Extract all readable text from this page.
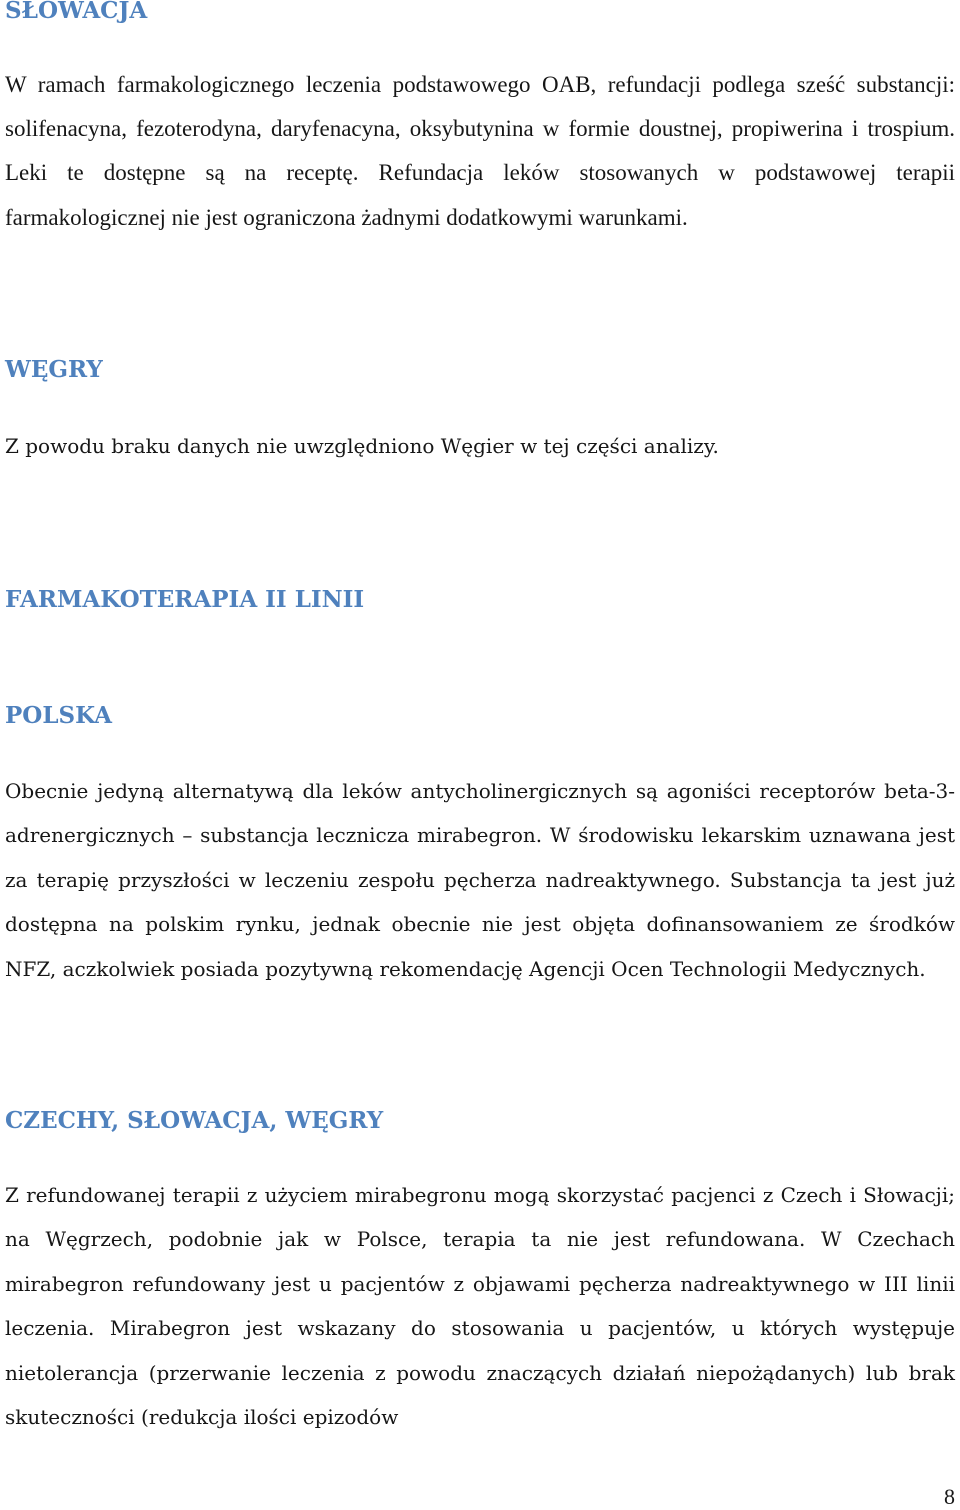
SŁOWACJA

W ramach farmakologicznego leczenia podstawowego OAB, refundacji podlega sześć substancji: solifenacyna, fezoterodyna, daryfenacyna, oksybutynina w formie doustnej, propiwerina i trospium. Leki te dostępne są na receptę. Refundacja leków stosowanych w podstawowej terapii farmakologicznej nie jest ograniczona żadnymi dodatkowymi warunkami.

WĘGRY

Z powodu braku danych nie uwzględniono Węgier w tej części analizy.

FARMAKOTERAPIA II LINII
POLSKA

Obecnie jedyną alternatywą dla leków antycholinergicznych są agoniści receptorów beta-3-adrenergicznych – substancja lecznicza mirabegron. W środowisku lekarskim uznawana jest za terapię przyszłości w leczeniu zespołu pęcherza nadreaktywnego. Substancja ta jest już dostępna na polskim rynku, jednak obecnie nie jest objęta dofinansowaniem ze środków NFZ, aczkolwiek posiada pozytywną rekomendację Agencji Ocen Technologii Medycznych.

CZECHY, SŁOWACJA, WĘGRY

Z refundowanej terapii z użyciem mirabegronu mogą skorzystać pacjenci z Czech i Słowacji; na Węgrzech, podobnie jak w Polsce, terapia ta nie jest refundowana. W Czechach mirabegron refundowany jest u pacjentów z objawami pęcherza nadreaktywnego w III linii leczenia. Mirabegron jest wskazany do stosowania u pacjentów, u których występuje nietolerancja (przerwanie leczenia z powodu znaczących działań niepożądanych) lub brak skuteczności (redukcja ilości epizodów

8
